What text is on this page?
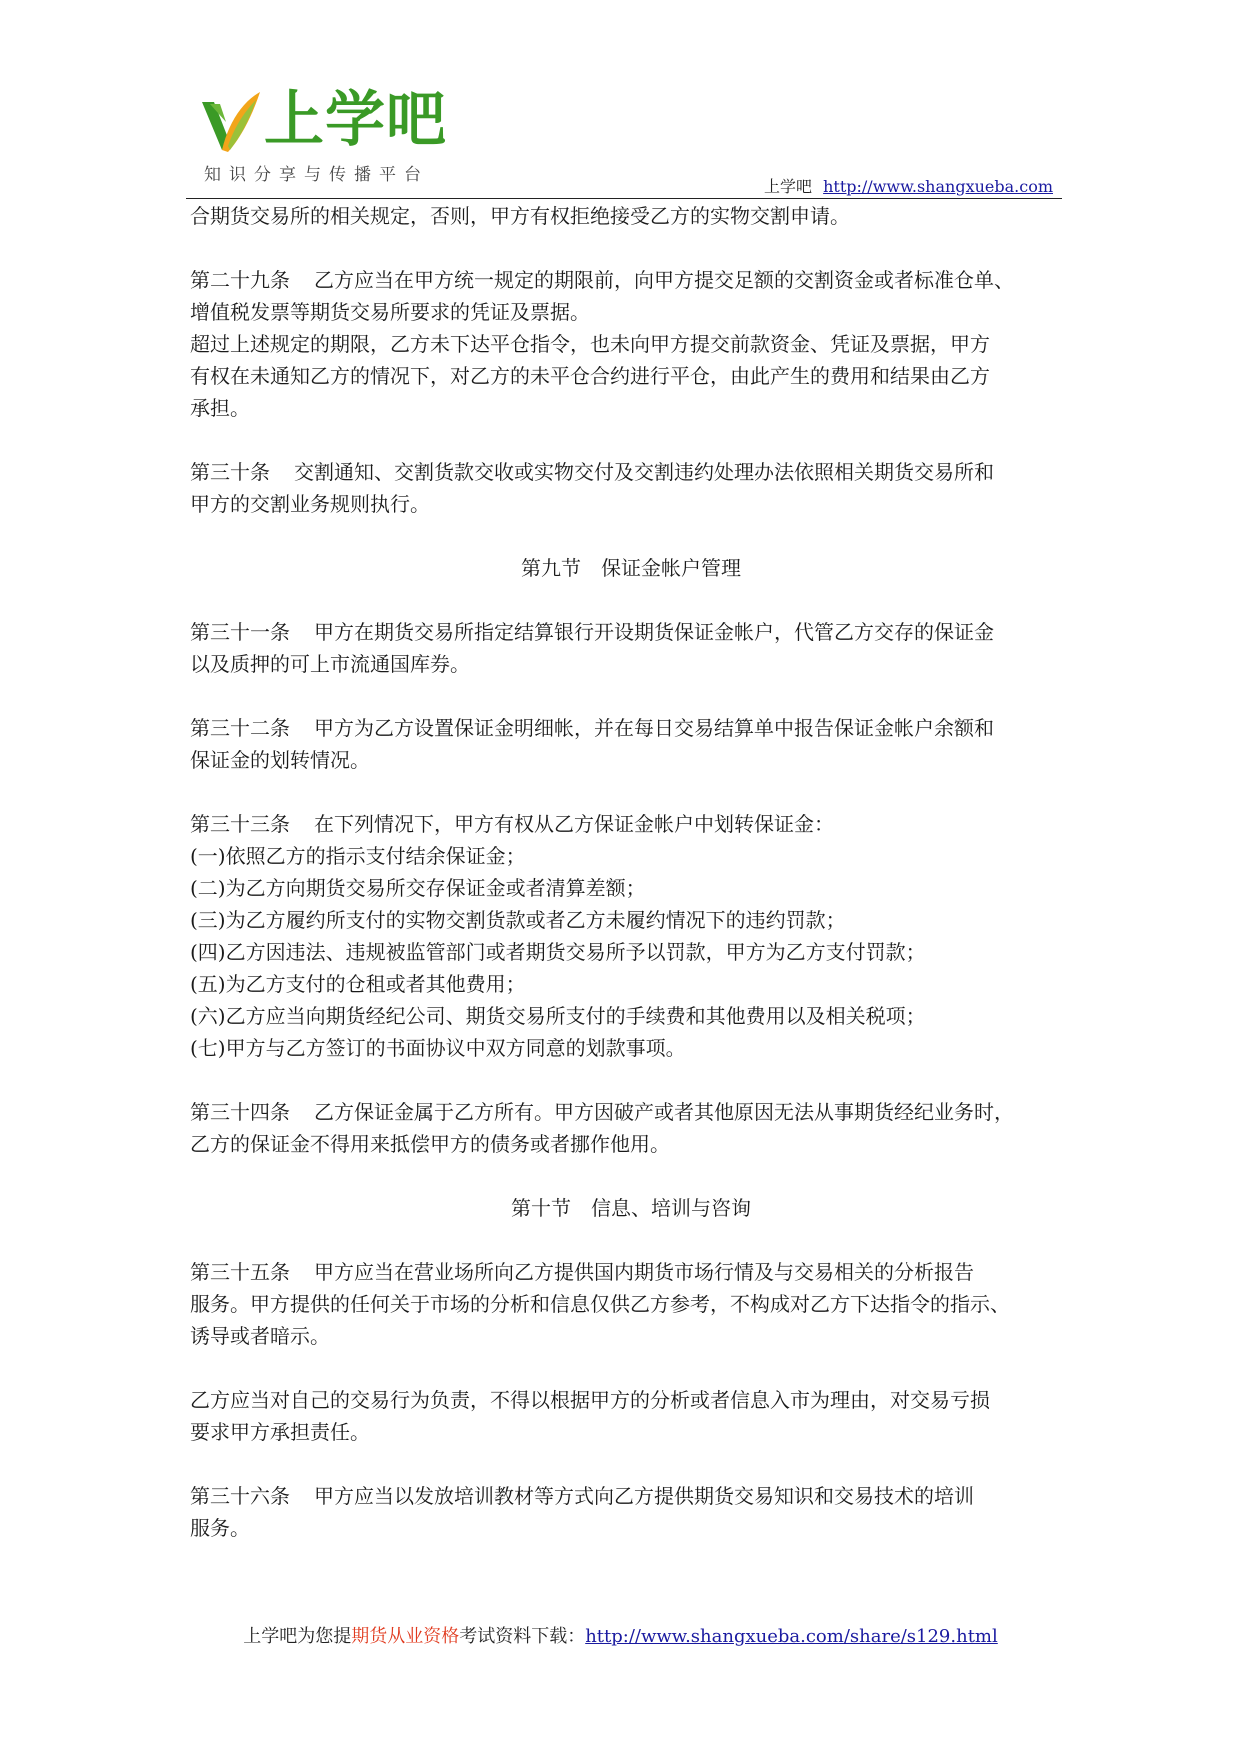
上学吧
知识分享与传播平台
上学吧 http://www.shangxueba.com

合期货交易所的相关规定，否则，甲方有权拒绝接受乙方的实物交割申请。

第二十九条 乙方应当在甲方统一规定的期限前，向甲方提交足额的交割资金或者标准仓单、

增值税发票等期货交易所要求的凭证及票据。

超过上述规定的期限，乙方未下达平仓指令，也未向甲方提交前款资金、凭证及票据，甲方

有权在未通知乙方的情况下，对乙方的未平仓合约进行平仓，由此产生的费用和结果由乙方

承担。

第三十条 交割通知、交割货款交收或实物交付及交割违约处理办法依照相关期货交易所和

甲方的交割业务规则执行。

第九节　保证金帐户管理

第三十一条 甲方在期货交易所指定结算银行开设期货保证金帐户，代管乙方交存的保证金

以及质押的可上市流通国库券。

第三十二条 甲方为乙方设置保证金明细帐，并在每日交易结算单中报告保证金帐户余额和

保证金的划转情况。

第三十三条 在下列情况下，甲方有权从乙方保证金帐户中划转保证金：

(一)依照乙方的指示支付结余保证金；

(二)为乙方向期货交易所交存保证金或者清算差额；

(三)为乙方履约所支付的实物交割货款或者乙方未履约情况下的违约罚款；

(四)乙方因违法、违规被监管部门或者期货交易所予以罚款，甲方为乙方支付罚款；

(五)为乙方支付的仓租或者其他费用；

(六)乙方应当向期货经纪公司、期货交易所支付的手续费和其他费用以及相关税项；

(七)甲方与乙方签订的书面协议中双方同意的划款事项。

第三十四条 乙方保证金属于乙方所有。甲方因破产或者其他原因无法从事期货经纪业务时，

乙方的保证金不得用来抵偿甲方的债务或者挪作他用。

第十节　信息、培训与咨询

第三十五条 甲方应当在营业场所向乙方提供国内期货市场行情及与交易相关的分析报告

服务。甲方提供的任何关于市场的分析和信息仅供乙方参考，不构成对乙方下达指令的指示、

诱导或者暗示。

乙方应当对自己的交易行为负责，不得以根据甲方的分析或者信息入市为理由，对交易亏损

要求甲方承担责任。

第三十六条 甲方应当以发放培训教材等方式向乙方提供期货交易知识和交易技术的培训

服务。

上学吧为您提期货从业资格考试资料下载：http://www.shangxueba.com/share/s129.html
